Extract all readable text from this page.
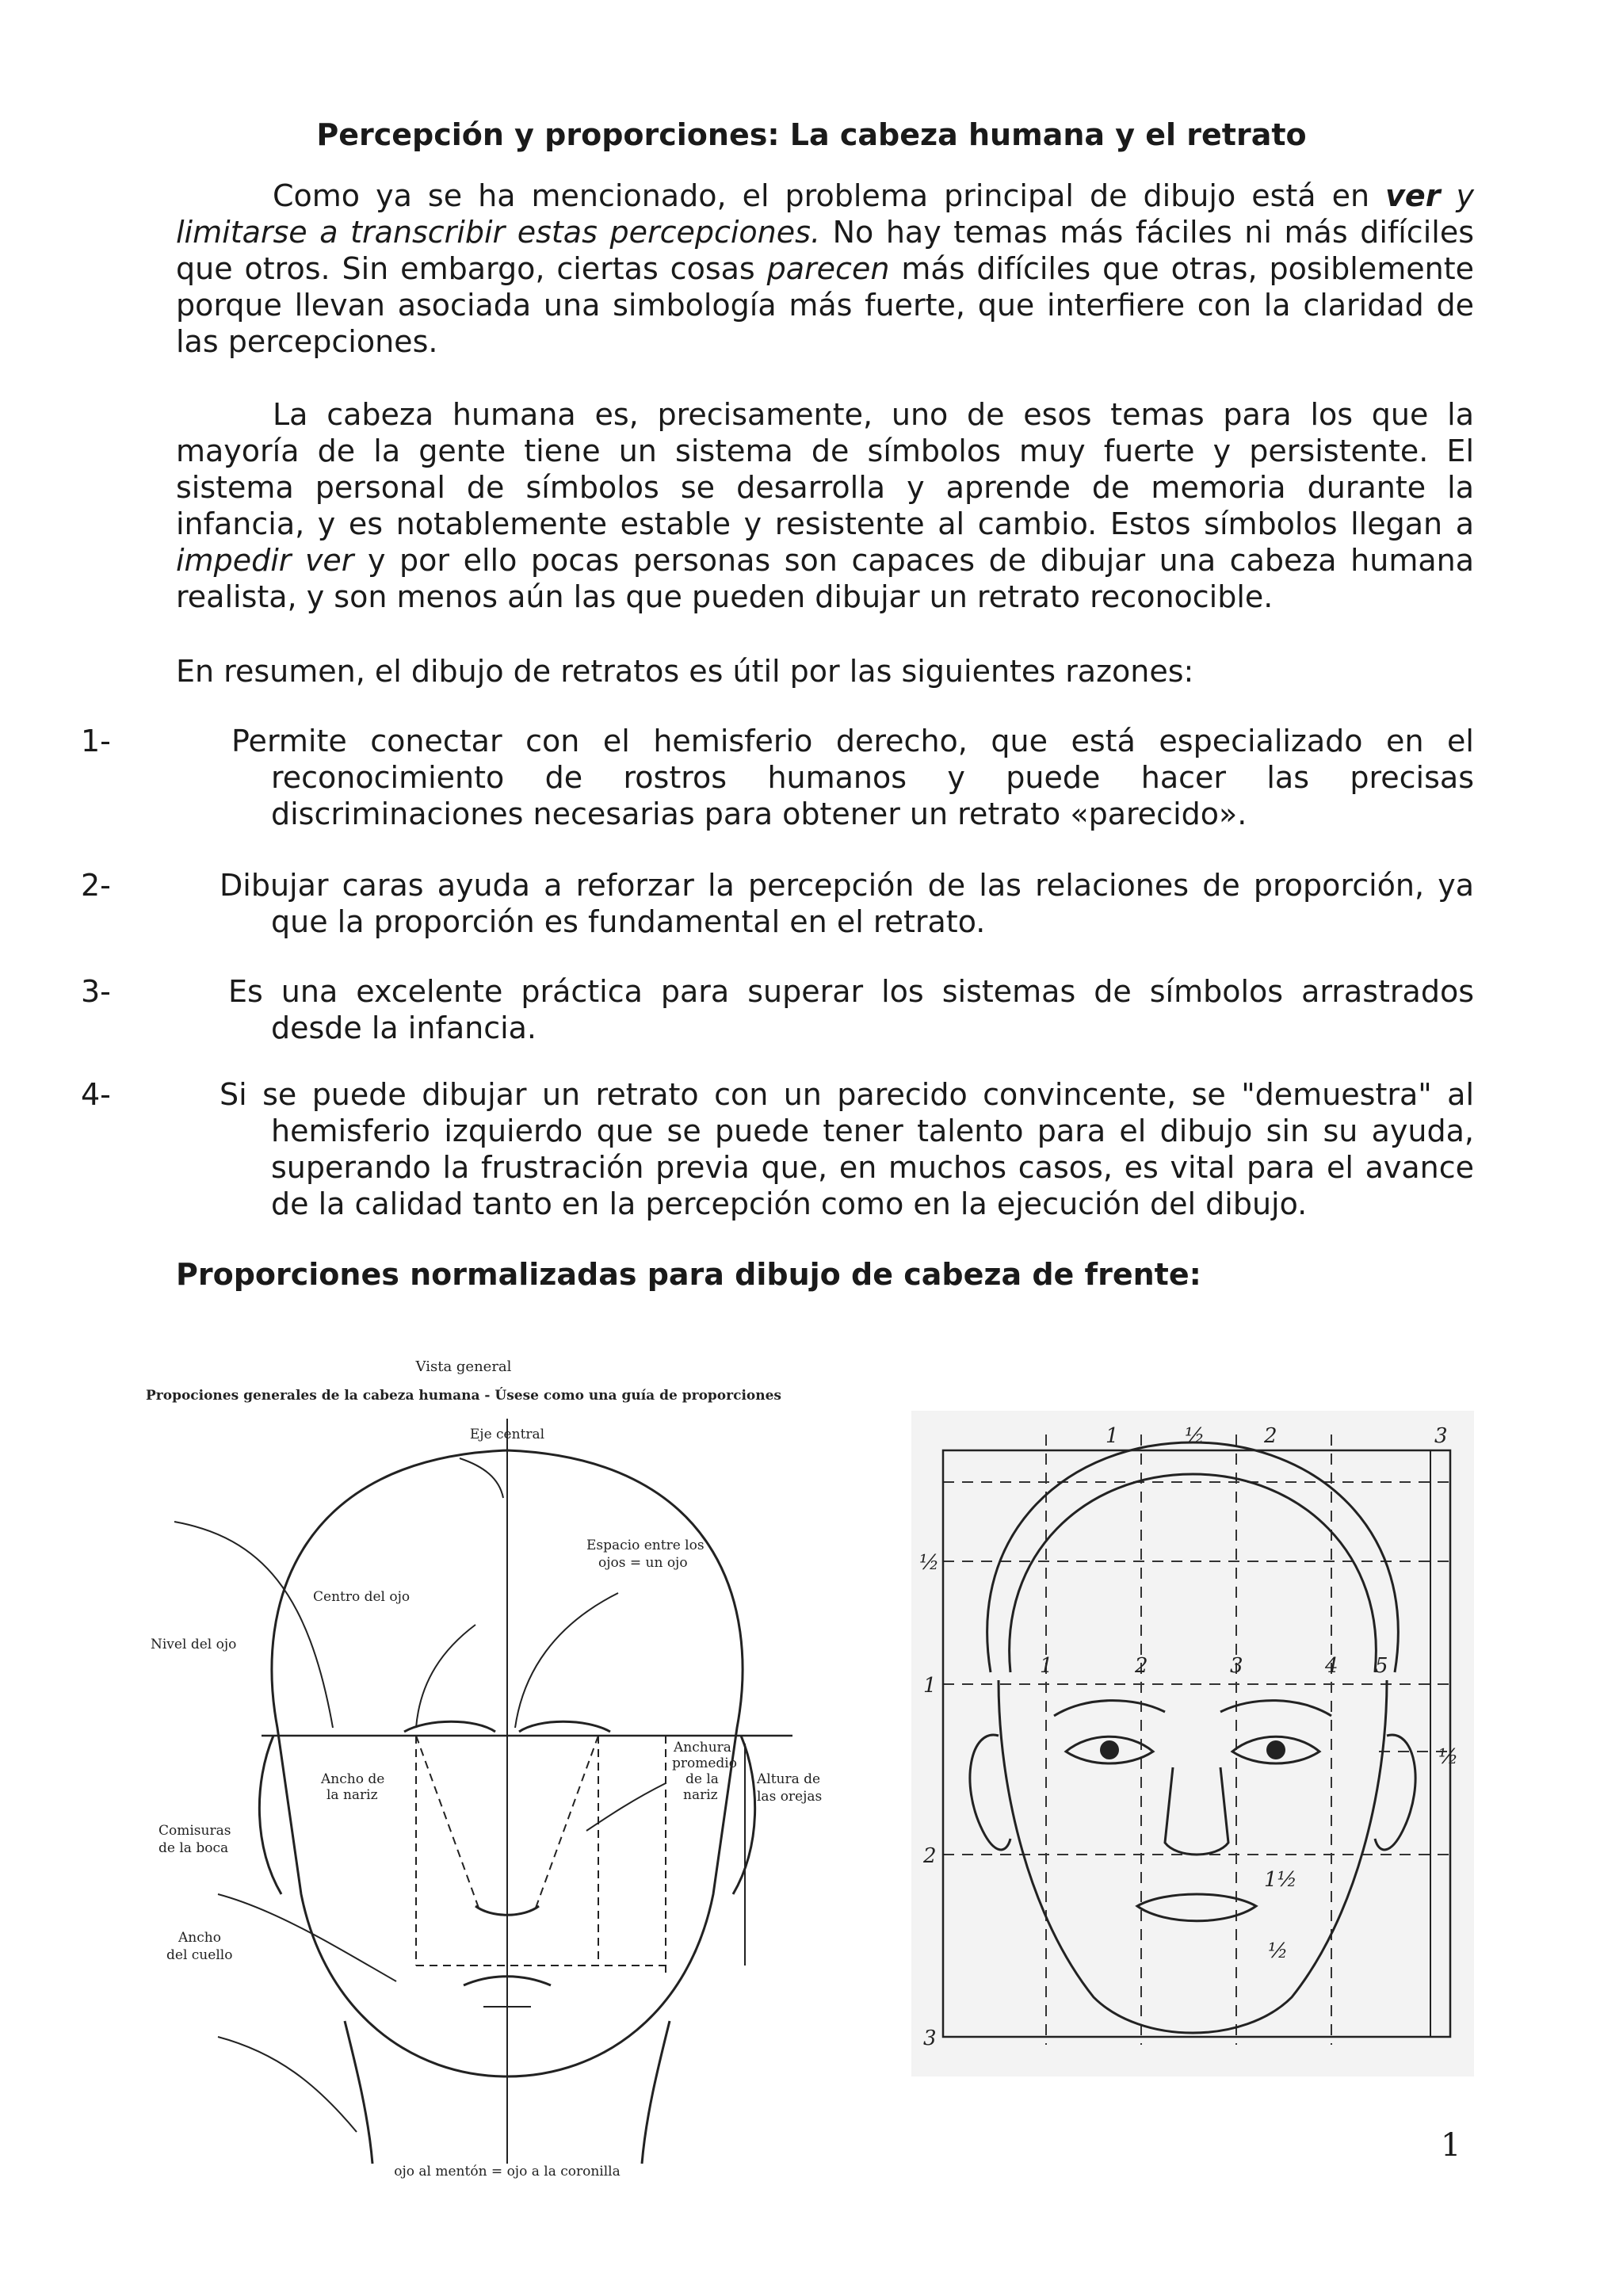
Percepción y proporciones: La cabeza humana y el retrato

Como ya se ha mencionado, el problema principal de dibujo está en ver y limitarse a transcribir estas percepciones. No hay temas más fáciles ni más difíciles que otros. Sin embargo, ciertas cosas parecen más difíciles que otras, posiblemente porque llevan asociada una simbología más fuerte, que interfiere con la claridad de las percepciones.

La cabeza humana es, precisamente, uno de esos temas para los que la mayoría de la gente tiene un sistema de símbolos muy fuerte y persistente. El sistema personal de símbolos se desarrolla y aprende de memoria durante la infancia, y es notablemente estable y resistente al cambio. Estos símbolos llegan a impedir ver y por ello pocas personas son capaces de dibujar una cabeza humana realista, y son menos aún las que pueden dibujar un retrato reconocible.

En resumen, el dibujo de retratos es útil por las siguientes razones:

1-	Permite conectar con el hemisferio derecho, que está especializado en el reconocimiento de rostros humanos y puede hacer las precisas discriminaciones necesarias para obtener un retrato «parecido».
2-	Dibujar caras ayuda a reforzar la percepción de las relaciones de proporción, ya que la proporción es fundamental en el retrato.
3-	Es una excelente práctica para superar los sistemas de símbolos arrastrados desde la infancia.
4-	Si se puede dibujar un retrato con un parecido convincente, se "demuestra" al hemisferio izquierdo que se puede tener talento para el dibujo sin su ayuda, superando la frustración previa que, en muchos casos, es vital para el avance de la calidad tanto en la percepción como en la ejecución del dibujo.
Proporciones normalizadas para dibujo de cabeza de frente:
Vista general
Propociones generales de la cabeza humana - Úsese como una guía de proporciones
Eje central
Espacio entre los
ojos = un ojo
Centro del ojo
Nivel del ojo
Ancho de
la nariz
Anchura
promedio
de la
nariz
Altura de
las orejas
Comisuras
de la boca
Ancho
del cuello
ojo al mentón = ojo a la coronilla
1	½	2	3
1	2	3	4 5
½
1
2
3
½
1½
½
1
